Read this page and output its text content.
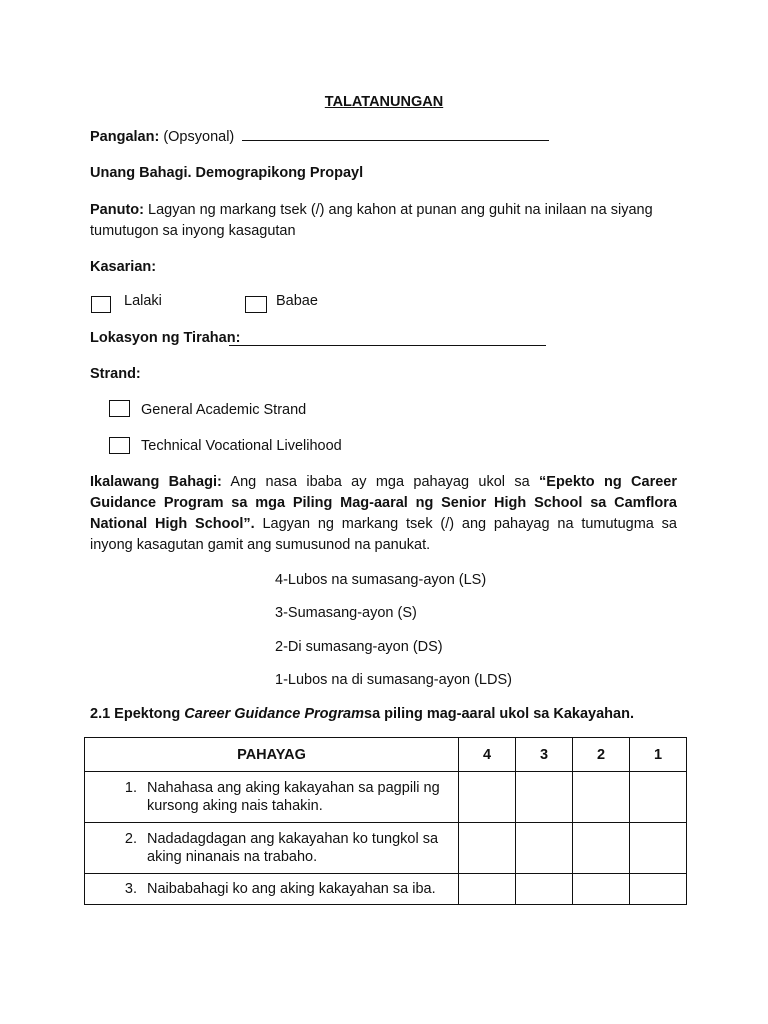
TALATANUNGAN
Pangalan: (Opsyonal)
Unang Bahagi. Demograpikong Propayl
Panuto: Lagyan ng markang tsek (/) ang kahon at punan ang guhit na inilaan na siyang tumutugon sa inyong kasagutan
Kasarian:
Lalaki	Babae
Lokasyon ng Tirahan:
Strand:
General Academic Strand
Technical Vocational Livelihood
Ikalawang Bahagi: Ang nasa ibaba ay mga pahayag ukol sa “Epekto ng Career Guidance Program sa mga Piling Mag-aaral ng Senior High School sa Camflora National High School”. Lagyan ng markang tsek (/) ang pahayag na tumutugma sa inyong kasagutan gamit ang sumusunod na panukat.
4-Lubos na sumasang-ayon (LS)
3-Sumasang-ayon (S)
2-Di sumasang-ayon (DS)
1-Lubos na di sumasang-ayon (LDS)
2.1 Epektong Career Guidance Programsa piling mag-aaral ukol sa Kakayahan.
PAHAYAG	4	3	2	1

1. Nahahasa ang aking kakayahan sa pagpili ng kursong aking nais tahakin.				

2. Nadadagdagan ang kakayahan ko tungkol sa aking ninanais na trabaho.				

3. Naibabahagi ko ang aking kakayahan sa iba.				
